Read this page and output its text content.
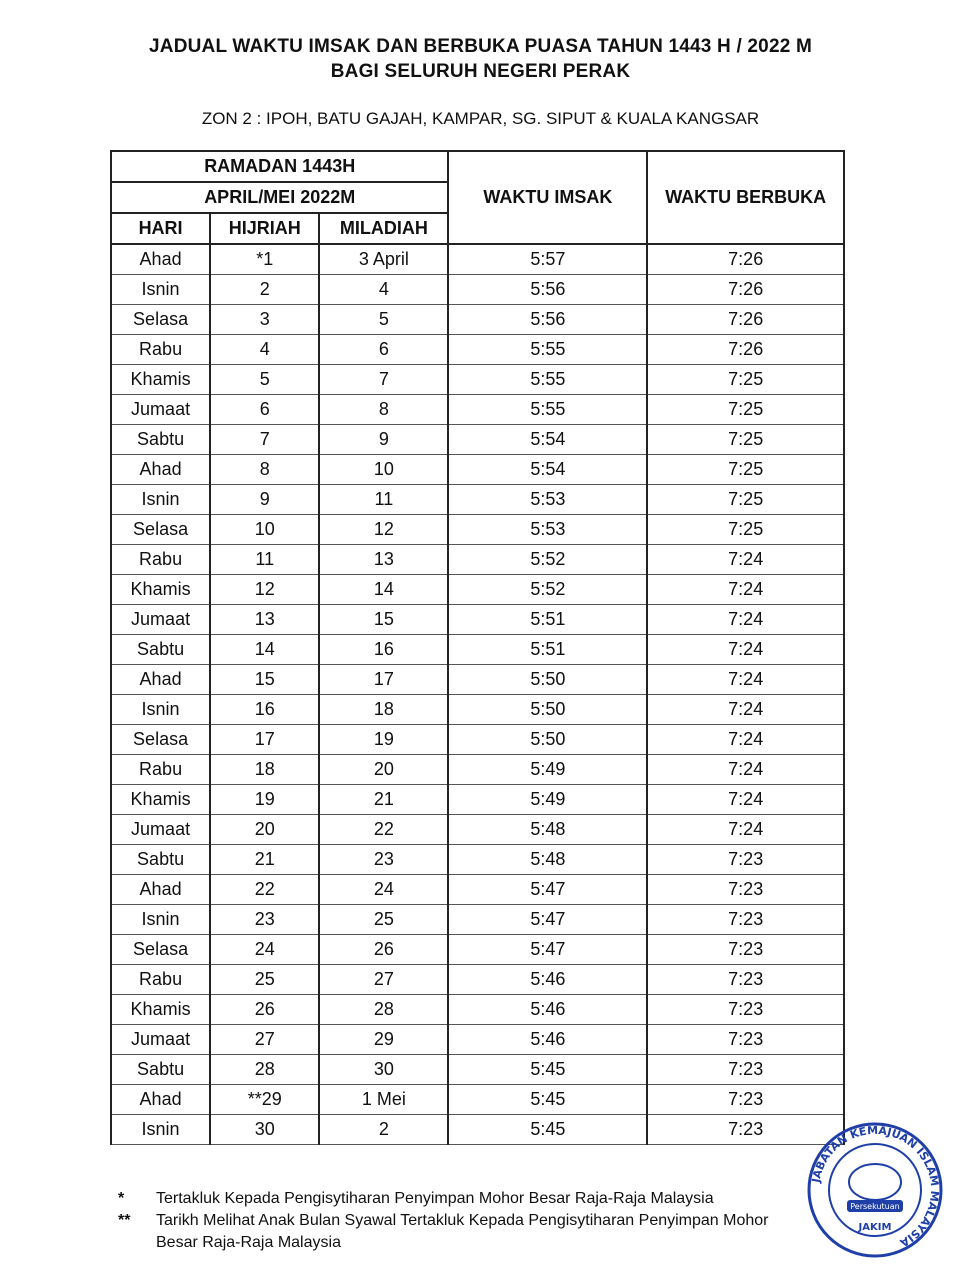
JADUAL WAKTU IMSAK DAN BERBUKA PUASA TAHUN 1443 H / 2022 M
BAGI SELURUH NEGERI PERAK
ZON 2 : IPOH, BATU GAJAH, KAMPAR, SG. SIPUT & KUALA KANGSAR
RAMADAN 1443H			WAKTU IMSAK	WAKTU BERBUKA
APRIL/MEI 2022M				
HARI	HIJRIAH	MILADIAH		
Ahad	*1	3 April	5:57	7:26
Isnin	2	4	5:56	7:26
Selasa	3	5	5:56	7:26
Rabu	4	6	5:55	7:26
Khamis	5	7	5:55	7:25
Jumaat	6	8	5:55	7:25
Sabtu	7	9	5:54	7:25
Ahad	8	10	5:54	7:25
Isnin	9	11	5:53	7:25
Selasa	10	12	5:53	7:25
Rabu	11	13	5:52	7:24
Khamis	12	14	5:52	7:24
Jumaat	13	15	5:51	7:24
Sabtu	14	16	5:51	7:24
Ahad	15	17	5:50	7:24
Isnin	16	18	5:50	7:24
Selasa	17	19	5:50	7:24
Rabu	18	20	5:49	7:24
Khamis	19	21	5:49	7:24
Jumaat	20	22	5:48	7:24
Sabtu	21	23	5:48	7:23
Ahad	22	24	5:47	7:23
Isnin	23	25	5:47	7:23
Selasa	24	26	5:47	7:23
Rabu	25	27	5:46	7:23
Khamis	26	28	5:46	7:23
Jumaat	27	29	5:46	7:23
Sabtu	28	30	5:45	7:23
Ahad	**29	1 Mei	5:45	7:23
Isnin	30	2	5:45	7:23
*	Tertakluk Kepada Pengisytiharan Penyimpan Mohor Besar Raja-Raja Malaysia
**	Tarikh Melihat Anak Bulan Syawal Tertakluk Kepada Pengisytiharan Penyimpan Mohor Besar Raja-Raja Malaysia
JABATAN KEMAJUAN ISLAM MALAYSIA
Persekutuan
JAKIM
